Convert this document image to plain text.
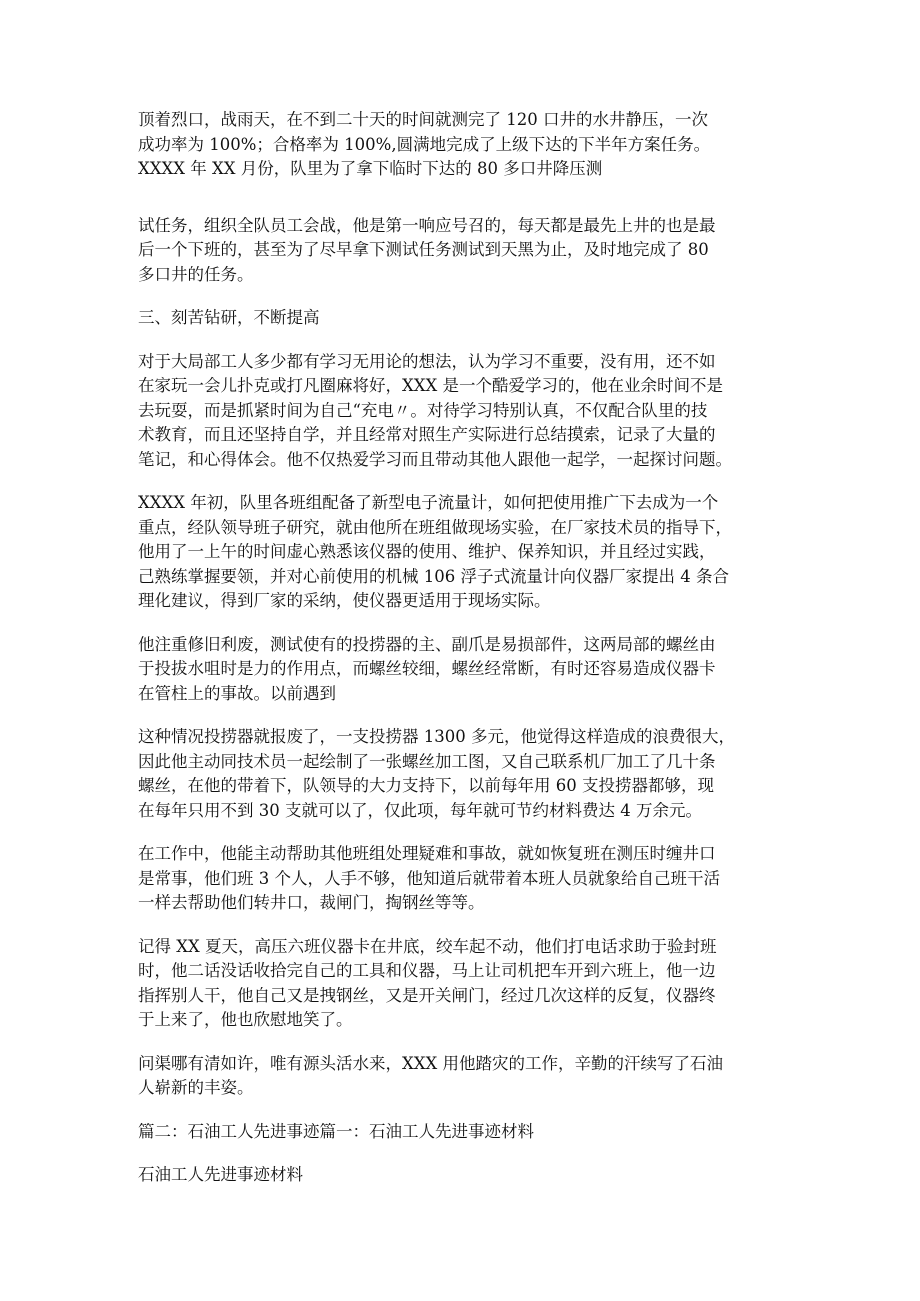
顶着烈口，战雨天，在不到二十天的时间就测完了 120 口井的水井静压，一次
成功率为 100%；合格率为 100%,圆满地完成了上级下达的下半年方案任务。
XXXX 年 XX 月份，队里为了拿下临时下达的 80 多口井降压测

试任务，组织全队员工会战，他是第一响应号召的，每天都是最先上井的也是最
后一个下班的，甚至为了尽早拿下测试任务测试到天黑为止，及时地完成了 80
多口井的任务。

三、刻苦钻研，不断提高

对于大局部工人多少都有学习无用论的想法，认为学习不重要，没有用，还不如
在家玩一会儿扑克或打凡圈麻将好，XXX 是一个酷爱学习的，他在业余时间不是
去玩耍，而是抓紧时间为自己“充电〃。对待学习特别认真，不仅配合队里的技
术教育，而且还坚持自学，并且经常对照生产实际进行总结摸索，记录了大量的
笔记，和心得体会。他不仅热爱学习而且带动其他人跟他一起学，一起探讨问题。

XXXX 年初，队里各班组配备了新型电子流量计，如何把使用推广下去成为一个
重点，经队领导班子研究，就由他所在班组做现场实验，在厂家技术员的指导下，
他用了一上午的时间虚心熟悉该仪器的使用、维护、保养知识，并且经过实践，
己熟练掌握要领，并对心前使用的机械 106 浮子式流量计向仪器厂家提出 4 条合
理化建议，得到厂家的采纳，使仪器更适用于现场实际。

他注重修旧利废，测试使有的投捞器的主、副爪是易损部件，这两局部的螺丝由
于投拔水咀时是力的作用点，而螺丝较细，螺丝经常断，有时还容易造成仪器卡
在管柱上的事故。以前遇到

这种情况投捞器就报废了，一支投捞器 1300 多元，他觉得这样造成的浪费很大，
因此他主动同技术员一起绘制了一张螺丝加工图，又自己联系机厂加工了几十条
螺丝，在他的带着下，队领导的大力支持下，以前每年用 60 支投捞器都够，现
在每年只用不到 30 支就可以了，仅此项，每年就可节约材料费达 4 万余元。

在工作中，他能主动帮助其他班组处理疑难和事故，就如恢复班在测压时缠井口
是常事，他们班 3 个人，人手不够，他知道后就带着本班人员就象给自己班干活
一样去帮助他们转井口，裁闸门，掏钢丝等等。

记得 XX 夏天，高压六班仪器卡在井底，绞车起不动，他们打电话求助于验封班
时，他二话没话收拾完自己的工具和仪器，马上让司机把车开到六班上，他一边
指挥别人干，他自己又是拽钢丝，又是开关闸门，经过几次这样的反复，仪器终
于上来了，他也欣慰地笑了。

问渠哪有清如许，唯有源头活水来，XXX 用他踏灾的工作，辛勤的汗续写了石油
人崭新的丰姿。

篇二：石油工人先进事迹篇一：石油工人先进事迹材料

石油工人先进事迹材料
